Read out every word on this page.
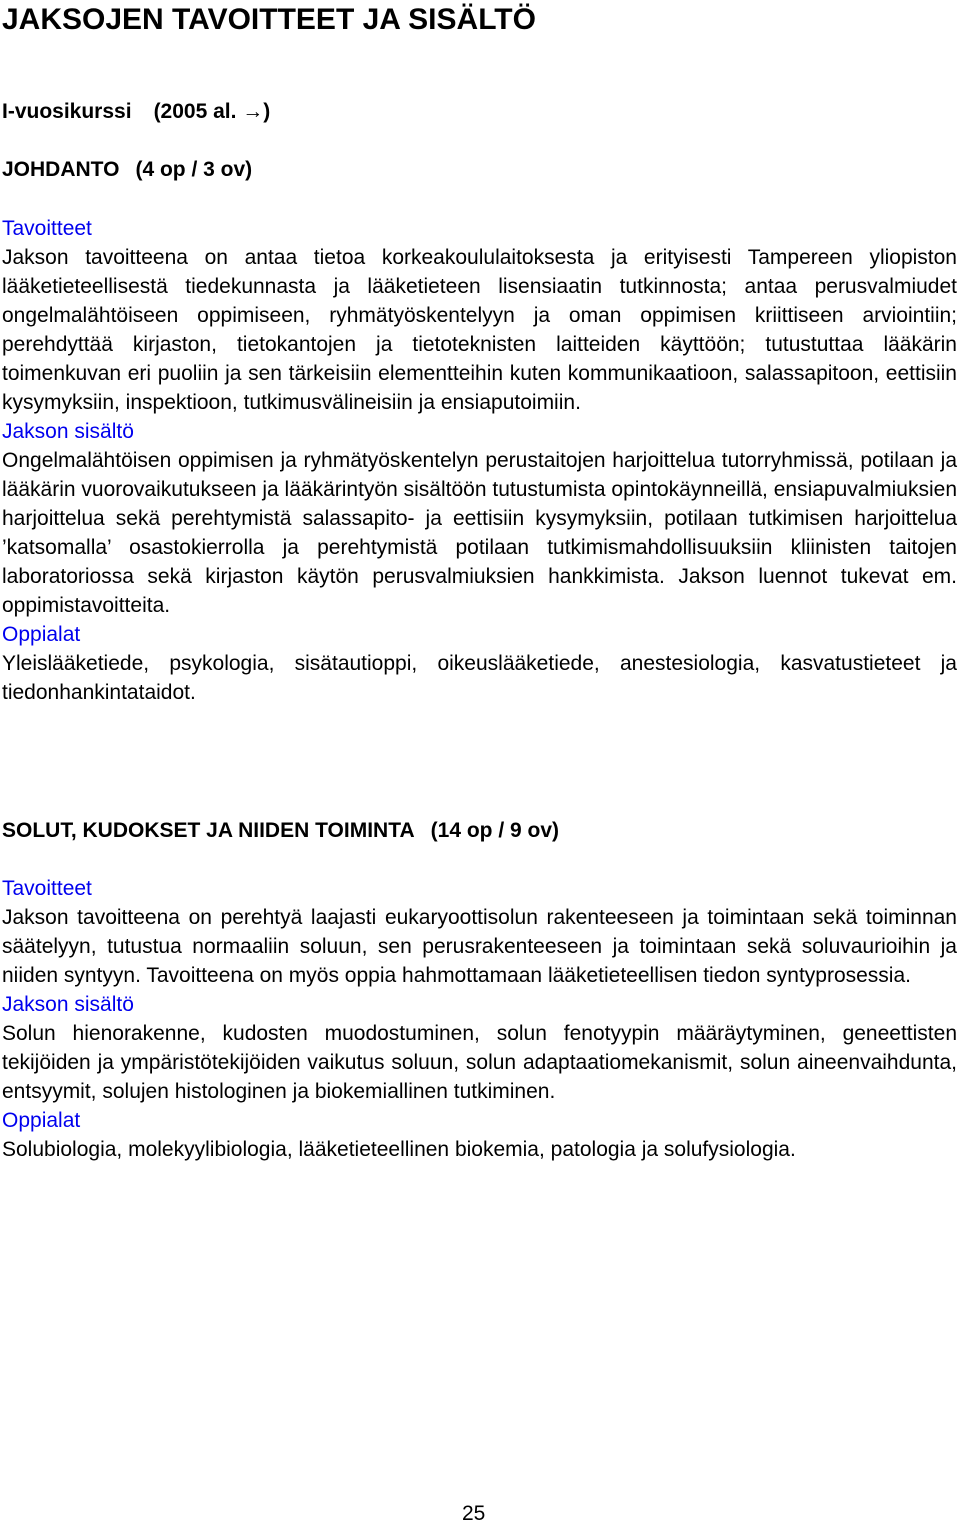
JAKSOJEN TAVOITTEET JA SISÄLTÖ

I-vuosikurssi (2005 al. →)

JOHDANTO (4 op / 3 ov)

Tavoitteet

Jakson tavoitteena on antaa tietoa korkeakoululaitoksesta ja erityisesti Tampereen yliopiston lääketieteellisestä tiedekunnasta ja lääketieteen lisensiaatin tutkinnosta; antaa perusvalmiudet ongelmalähtöiseen oppimiseen, ryhmätyöskentelyyn ja oman oppimisen kriittiseen arviointiin; perehdyttää kirjaston, tietokantojen ja tietoteknisten laitteiden käyttöön; tutustuttaa lääkärin toimenkuvan eri puoliin ja sen tärkeisiin elementteihin kuten kommunikaatioon, salassapitoon, eettisiin kysymyksiin, inspektioon, tutkimusvälineisiin ja ensiaputoimiin.

Jakson sisältö

Ongelmalähtöisen oppimisen ja ryhmätyöskentelyn perustaitojen harjoittelua tutorryhmissä, potilaan ja lääkärin vuorovaikutukseen ja lääkärintyön sisältöön tutustumista opintokäynneillä, ensiapuvalmiuksien harjoittelua sekä perehtymistä salassapito- ja eettisiin kysymyksiin, potilaan tutkimisen harjoittelua ’katsomalla’ osastokierrolla ja perehtymistä potilaan tutkimismahdollisuuksiin kliinisten taitojen laboratoriossa sekä kirjaston käytön perusvalmiuksien hankkimista. Jakson luennot tukevat em. oppimistavoitteita.

Oppialat

Yleislääketiede, psykologia, sisätautioppi, oikeuslääketiede, anestesiologia, kasvatustieteet ja tiedonhankintataidot.

SOLUT, KUDOKSET JA NIIDEN TOIMINTA (14 op / 9 ov)

Tavoitteet

Jakson tavoitteena on perehtyä laajasti eukaryoottisolun rakenteeseen ja toimintaan sekä toiminnan säätelyyn, tutustua normaaliin soluun, sen perusrakenteeseen ja toimintaan sekä soluvaurioihin ja niiden syntyyn. Tavoitteena on myös oppia hahmottamaan lääketieteellisen tiedon syntyprosessia.

Jakson sisältö

Solun hienorakenne, kudosten muodostuminen, solun fenotyypin määräytyminen, geneettisten tekijöiden ja ympäristötekijöiden vaikutus soluun, solun adaptaatiomekanismit, solun aineenvaihdunta, entsyymit, solujen histologinen ja biokemiallinen tutkiminen.

Oppialat

Solubiologia, molekyylibiologia, lääketieteellinen biokemia, patologia ja solufysiologia.

25
